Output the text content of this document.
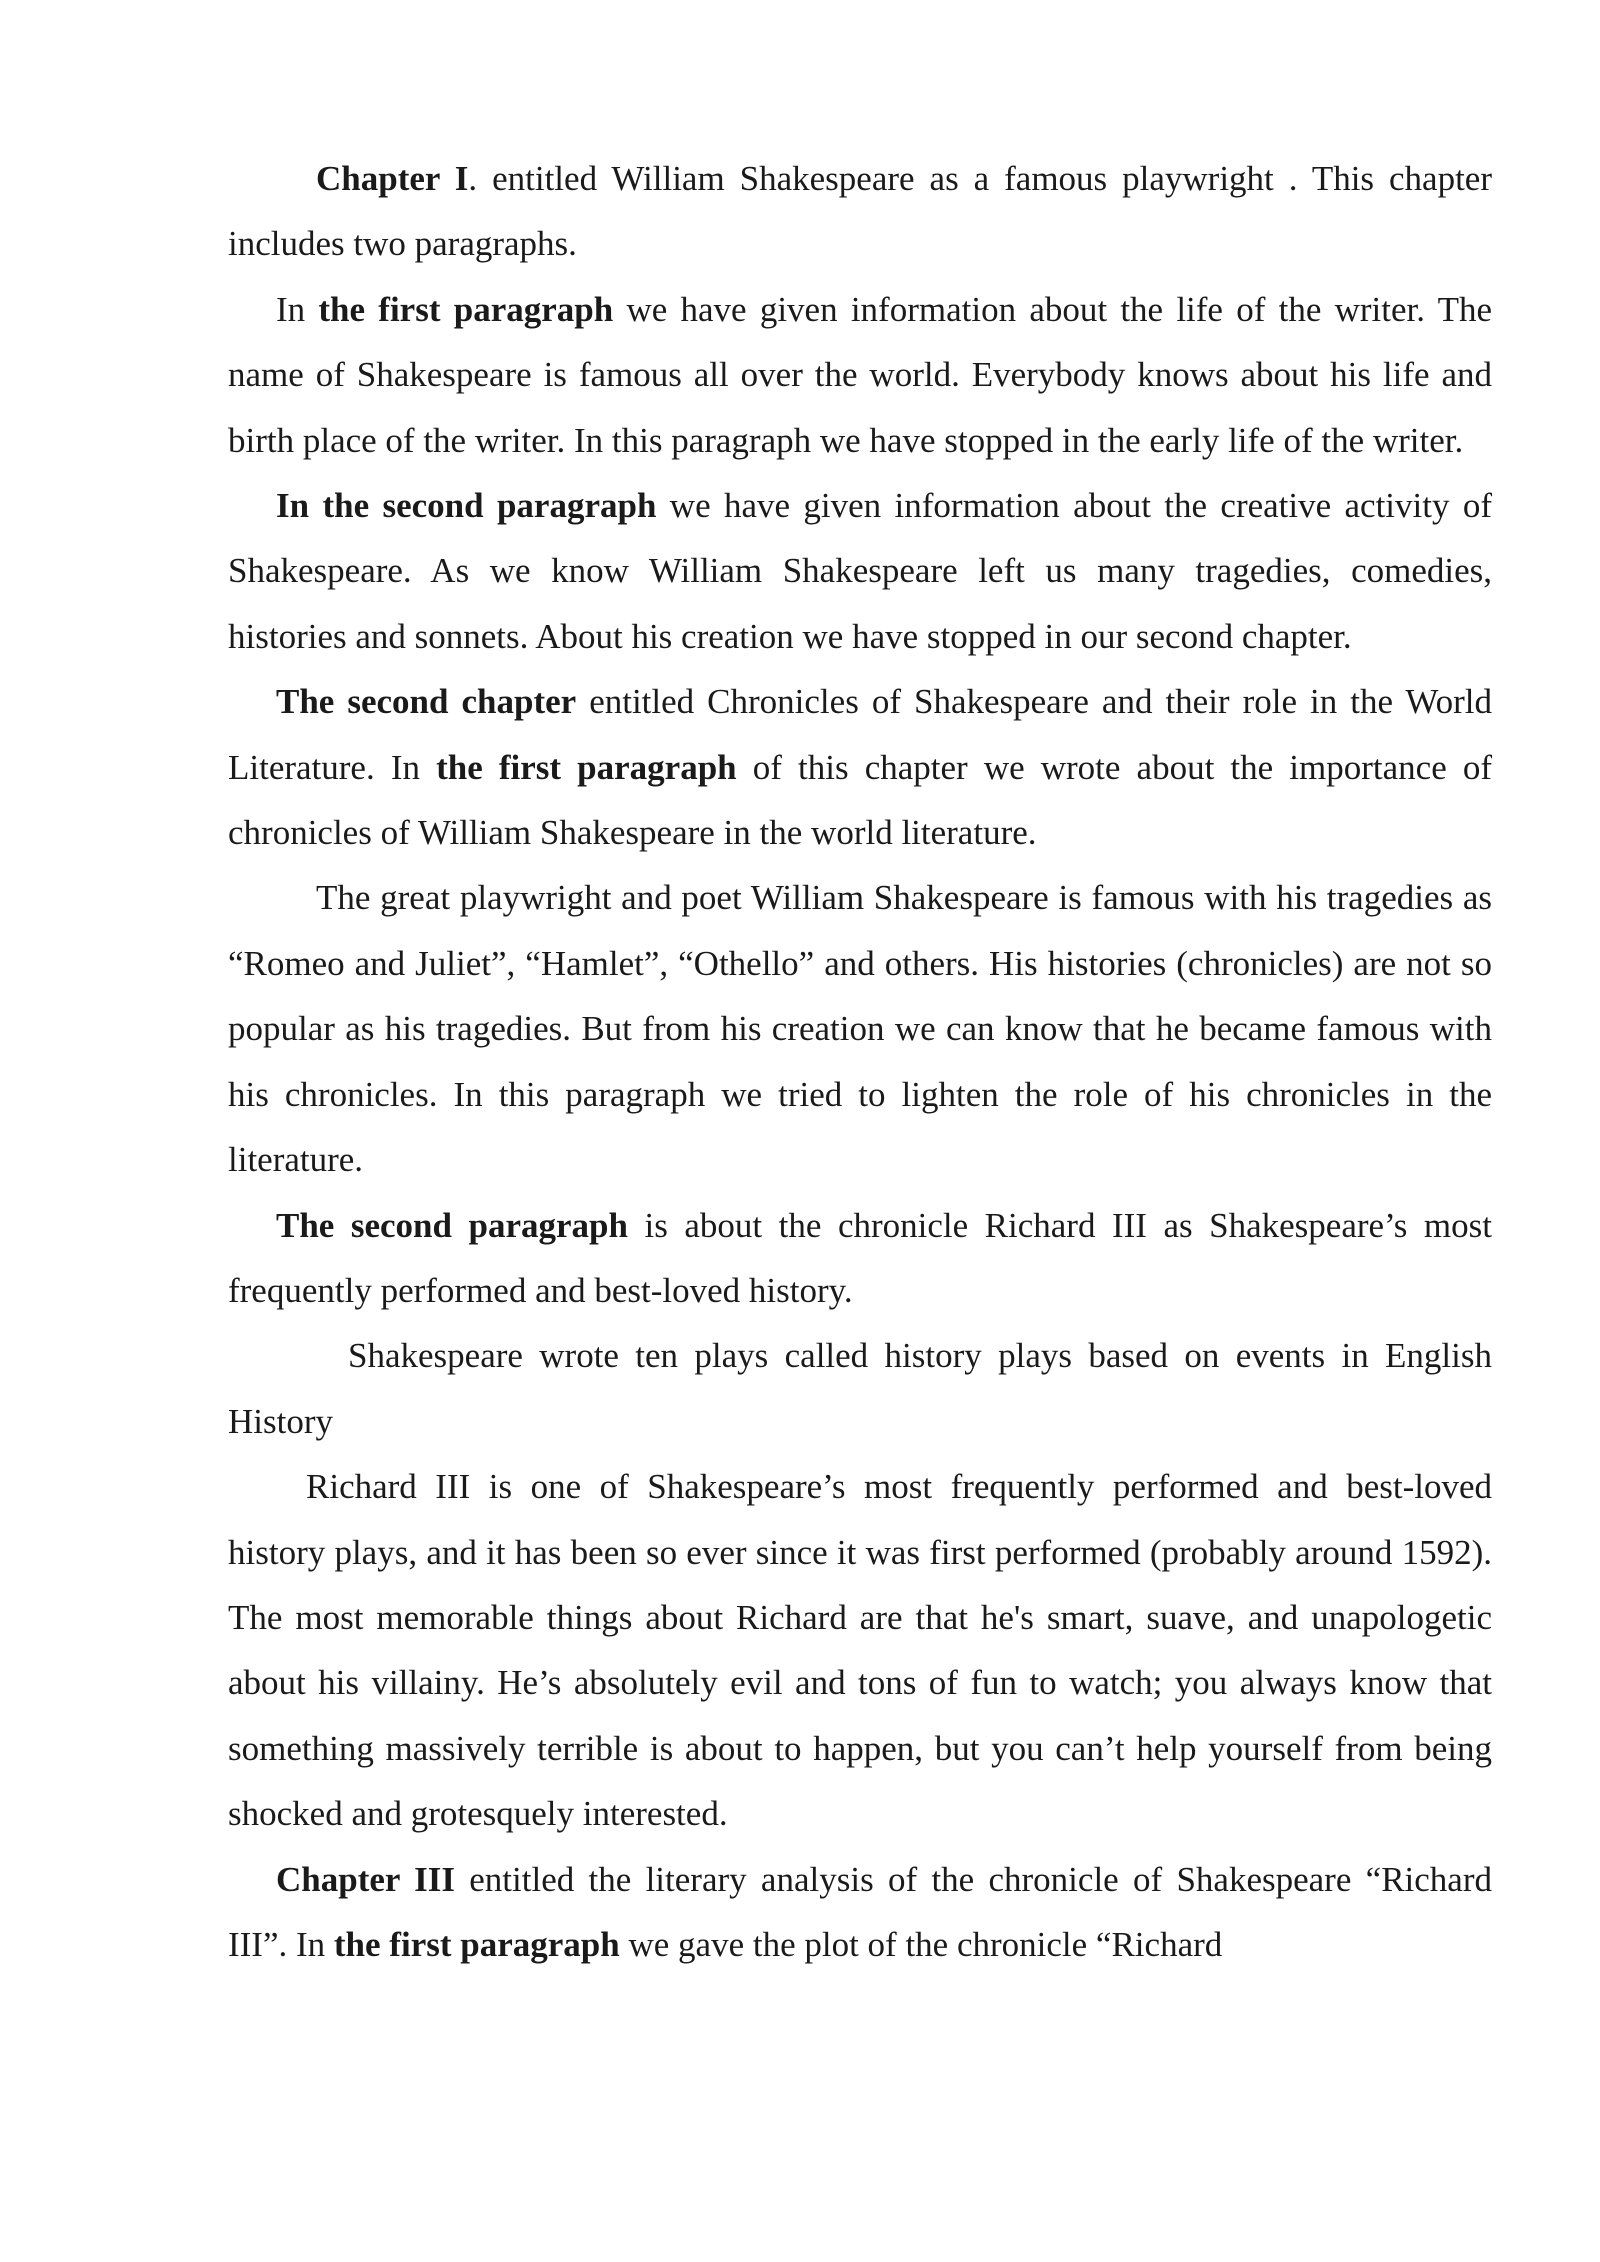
Chapter I. entitled William Shakespeare as a famous playwright . This chapter includes two paragraphs.

In the first paragraph we have given information about the life of the writer. The name of Shakespeare is famous all over the world. Everybody knows about his life and birth place of the writer. In this paragraph we have stopped in the early life of the writer.

In the second paragraph we have given information about the creative activity of Shakespeare. As we know William Shakespeare left us many tragedies, comedies, histories and sonnets. About his creation we have stopped in our second chapter.

The second chapter entitled Chronicles of Shakespeare and their role in the World Literature. In the first paragraph of this chapter we wrote about the importance of chronicles of William Shakespeare in the world literature.

The great playwright and poet William Shakespeare is famous with his tragedies as “Romeo and Juliet”, “Hamlet”, “Othello” and others. His histories (chronicles) are not so popular as his tragedies. But from his creation we can know that he became famous with his chronicles. In this paragraph we tried to lighten the role of his chronicles in the literature.

The second paragraph is about the chronicle Richard III as Shakespeare’s most frequently performed and best-loved history.

Shakespeare wrote ten plays called history plays based on events in English History

Richard III is one of Shakespeare’s most frequently performed and best-loved history plays, and it has been so ever since it was first performed (probably around 1592). The most memorable things about Richard are that he's smart, suave, and unapologetic about his villainy. He’s absolutely evil and tons of fun to watch; you always know that something massively terrible is about to happen, but you can’t help yourself from being shocked and grotesquely interested.

Chapter III entitled the literary analysis of the chronicle of Shakespeare “Richard III”. In the first paragraph we gave the plot of the chronicle “Richard
